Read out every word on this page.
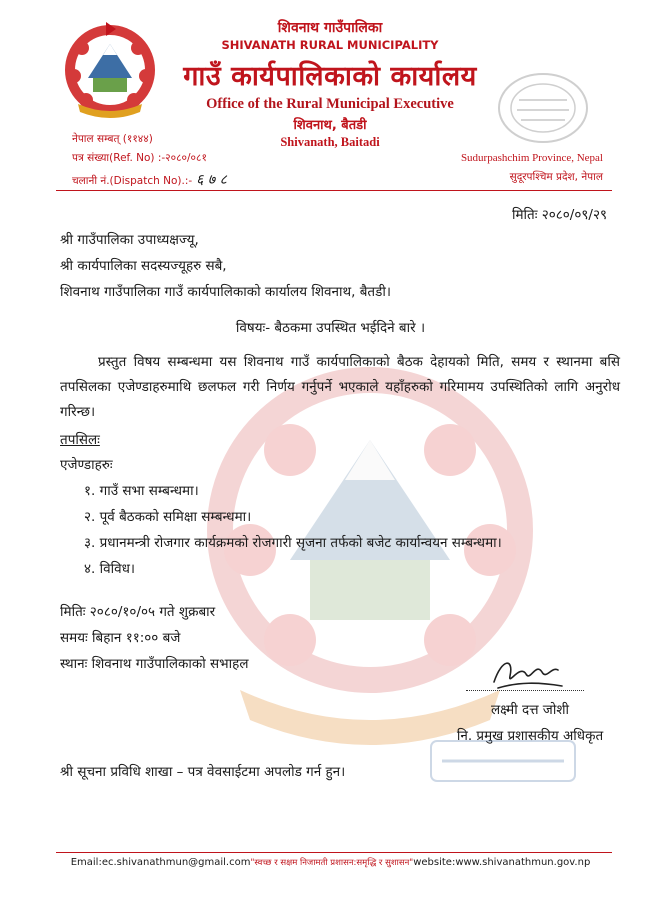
शिवनाथ गाउँपालिका
SHIVANATH RURAL MUNICIPALITY
गाउँ कार्यपालिकाको कार्यालय
Office of the Rural Municipal Executive
शिवनाथ, बैतडी
Shivanath, Baitadi
नेपाल सम्बत् (११४४)
पत्र संख्या(Ref. No) :-२०८०/०८१
चलानी नं.(Dispatch No).:- ६ ७ ८
Sudurpashchim Province, Nepal
सुदूरपश्चिम प्रदेश, नेपाल
मितिः २०८०/०९/२९
श्री गाउँपालिका उपाध्यक्षज्यू,
श्री कार्यपालिका सदस्यज्यूहरु सबै,
शिवनाथ गाउँपालिका गाउँ कार्यपालिकाको कार्यालय शिवनाथ, बैतडी।
विषयः- बैठकमा उपस्थित भईदिने बारे ।
प्रस्तुत विषय सम्बन्धमा यस शिवनाथ गाउँ कार्यपालिकाको बैठक देहायको मिति, समय र स्थानमा बसि तपसिलका एजेण्डाहरुमाथि छलफल गरी निर्णय गर्नुपर्ने भएकाले यहाँहरुको गरिमामय उपस्थितिको लागि अनुरोध गरिन्छ।
तपसिलः
एजेण्डाहरुः
१. गाउँ सभा सम्बन्धमा।
२. पूर्व बैठकको समिक्षा सम्बन्धमा।
३. प्रधानमन्त्री रोजगार कार्यक्रमको रोजगारी सृजना तर्फको बजेट कार्यान्वयन सम्बन्धमा।
४. विविध।
मितिः २०८०/१०/०५ गते शुक्रबार
समयः बिहान ११:०० बजे
स्थानः शिवनाथ गाउँपालिकाको सभाहल
लक्ष्मी दत्त जोशी
नि. प्रमुख प्रशासकीय अधिकृत
श्री सूचना प्रविधि शाखा – पत्र वेवसाईटमा अपलोड गर्न हुन।
Email:ec.shivanathmun@gmail.com"स्वच्छ र सक्षम निजामती प्रशासन:समृद्धि र सुशासन"website:www.shivanathmun.gov.np
